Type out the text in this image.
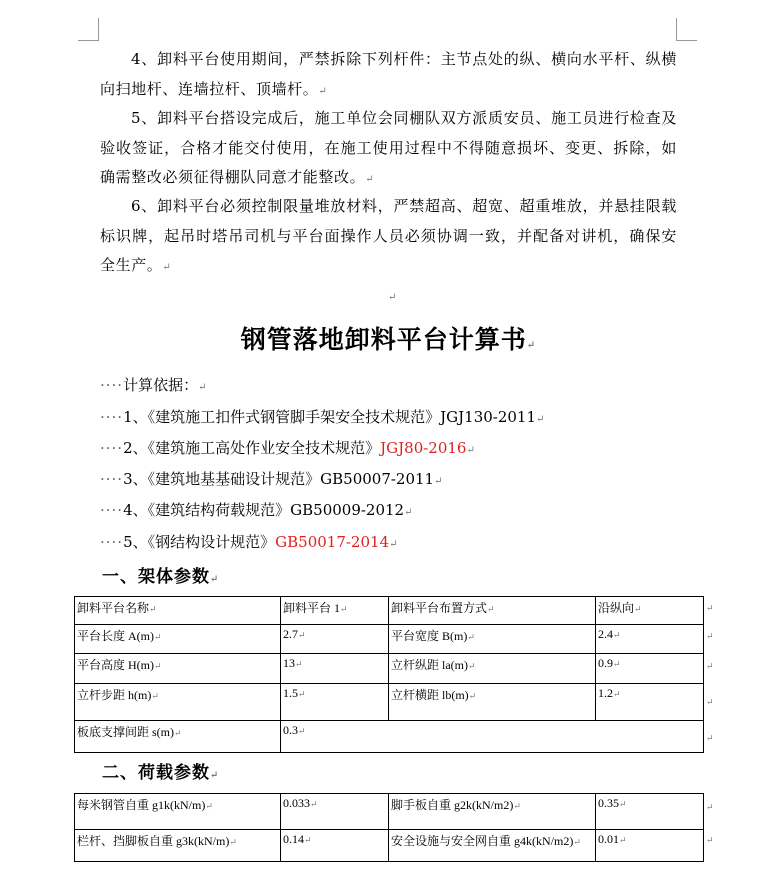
4、卸料平台使用期间，严禁拆除下列杆件：主节点处的纵、横向水平杆、纵横向扫地杆、连墙拉杆、顶墙杆。↵
5、卸料平台搭设完成后，施工单位会同棚队双方派质安员、施工员进行检查及验收签证，合格才能交付使用，在施工使用过程中不得随意损坏、变更、拆除，如确需整改必须征得棚队同意才能整改。↵
6、卸料平台必须控制限量堆放材料，严禁超高、超宽、超重堆放，并悬挂限载标识牌，起吊时塔吊司机与平台面操作人员必须协调一致，并配备对讲机，确保安全生产。↵
↵
钢管落地卸料平台计算书↵
····计算依据：↵
····1、《建筑施工扣件式钢管脚手架安全技术规范》JGJ130-2011↵
····2、《建筑施工高处作业安全技术规范》JGJ80-2016↵
····3、《建筑地基基础设计规范》GB50007-2011↵
····4、《建筑结构荷载规范》GB50009-2012↵
····5、《钢结构设计规范》GB50017-2014↵
一、架体参数↵
卸料平台名称↵	卸料平台 1↵	卸料平台布置方式↵	沿纵向↵
平台长度 A(m)↵	2.7↵	平台宽度 B(m)↵	2.4↵
平台高度 H(m)↵	13↵	立杆纵距 la(m)↵	0.9↵
立杆步距 h(m)↵	1.5↵	立杆横距 lb(m)↵	1.2↵
板底支撑间距 s(m)↵	0.3↵		
↵
↵
↵
↵
↵
二、荷载参数↵
每米钢管自重 g1k(kN/m)↵	0.033↵	脚手板自重 g2k(kN/m2)↵	0.35↵
栏杆、挡脚板自重 g3k(kN/m)↵	0.14↵	安全设施与安全网自重 g4k(kN/m2)↵	0.01↵
↵
↵
